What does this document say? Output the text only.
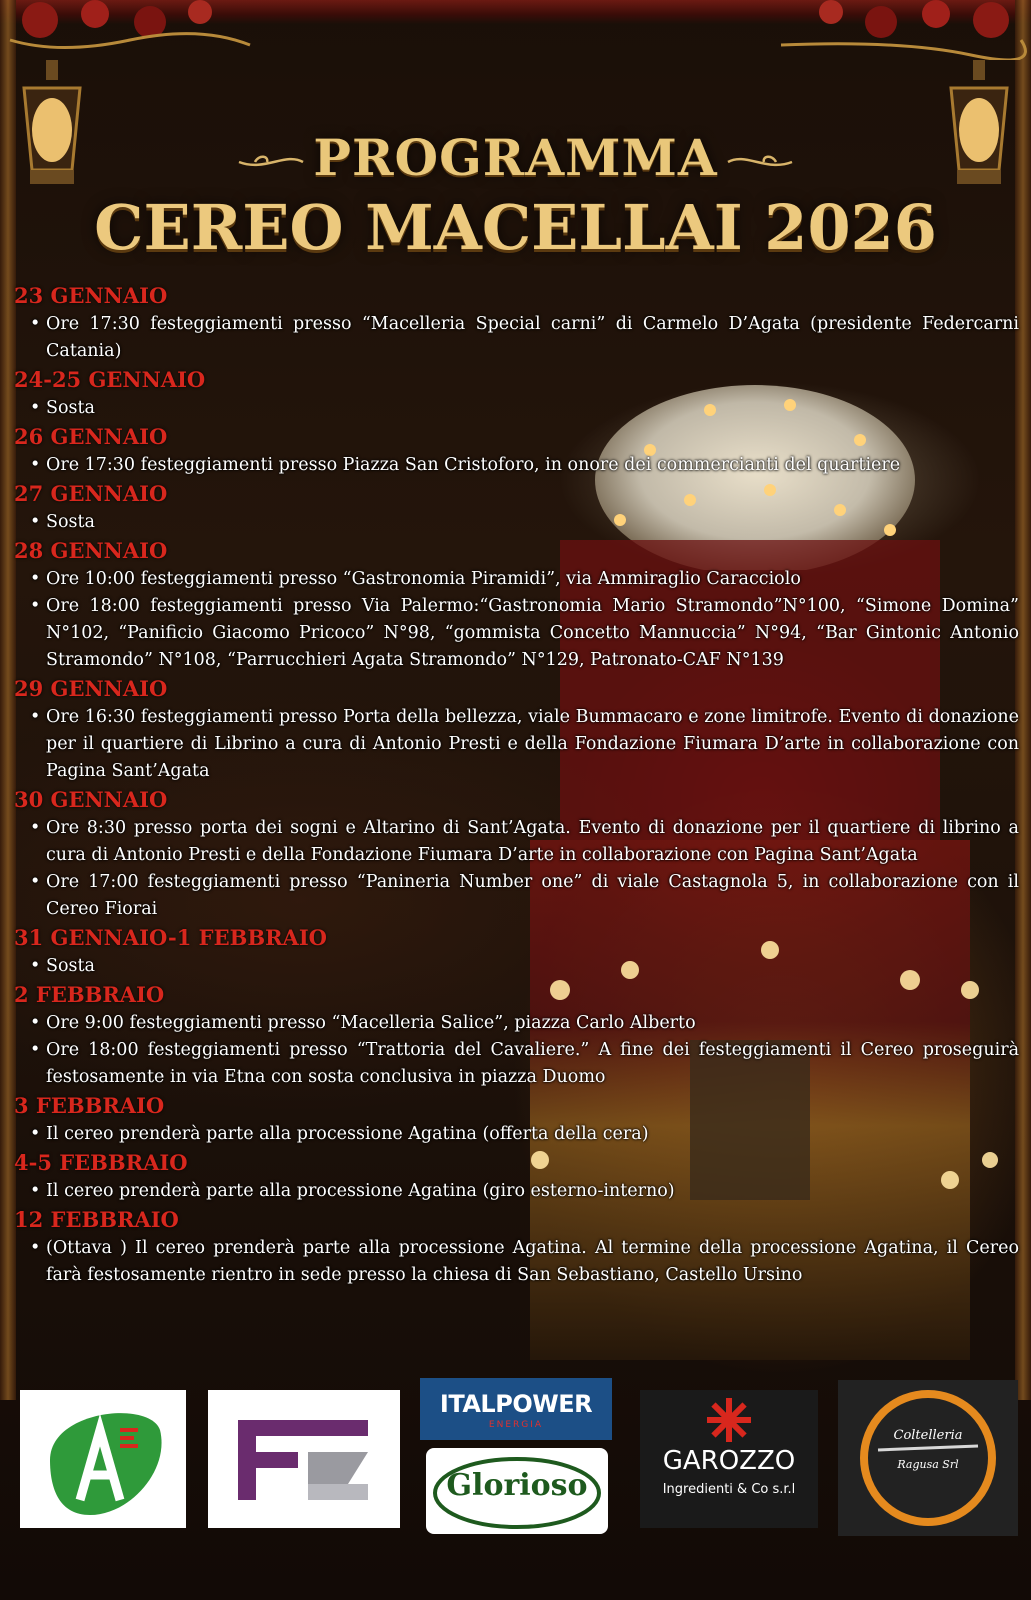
PROGRAMMA
CEREO MACELLAI 2026
23 GENNAIO
• Ore 17:30 festeggiamenti presso “Macelleria Special carni” di Carmelo D’Agata (presidente Federcarni Catania)
24-25 GENNAIO
• Sosta
26 GENNAIO
• Ore 17:30 festeggiamenti presso Piazza San Cristoforo, in onore dei commercianti del quartiere
27 GENNAIO
• Sosta
28 GENNAIO
• Ore 10:00 festeggiamenti presso “Gastronomia Piramidi”, via Ammiraglio Caracciolo
• Ore 18:00 festeggiamenti presso Via Palermo:“Gastronomia Mario Stramondo”N°100, “Simone Domina” N°102, “Panificio Giacomo Pricoco” N°98, “gommista Concetto Mannuccia” N°94, “Bar Gintonic Antonio Stramondo” N°108, “Parrucchieri Agata Stramondo” N°129, Patronato-CAF N°139
29 GENNAIO
• Ore 16:30 festeggiamenti presso Porta della bellezza, viale Bummacaro e zone limitrofe. Evento di donazione per il quartiere di Librino a cura di Antonio Presti e della Fondazione Fiumara D’arte in collaborazione con Pagina Sant’Agata
30 GENNAIO
• Ore 8:30 presso porta dei sogni e Altarino di Sant’Agata. Evento di donazione per il quartiere di librino a cura di Antonio Presti e della Fondazione Fiumara D’arte in collaborazione con Pagina Sant’Agata
• Ore 17:00 festeggiamenti presso “Panineria Number one” di viale Castagnola 5, in collaborazione con il Cereo Fiorai
31 GENNAIO-1 FEBBRAIO
• Sosta
2 FEBBRAIO
• Ore 9:00 festeggiamenti presso “Macelleria Salice”, piazza Carlo Alberto
• Ore 18:00 festeggiamenti presso “Trattoria del Cavaliere.” A fine dei festeggiamenti il Cereo proseguirà festosamente in via Etna con sosta conclusiva in piazza Duomo
3 FEBBRAIO
• Il cereo prenderà parte alla processione Agatina (offerta della cera)
4-5 FEBBRAIO
• Il cereo prenderà parte alla processione Agatina (giro esterno-interno)
12 FEBBRAIO
• (Ottava ) Il cereo prenderà parte alla processione Agatina. Al termine della processione Agatina, il Cereo farà festosamente rientro in sede presso la chiesa di San Sebastiano, Castello Ursino
ITALPOWER
ENERGIA
Glorioso
GAROZZO
Ingredienti & Co s.r.l
Coltelleria
Ragusa Srl
